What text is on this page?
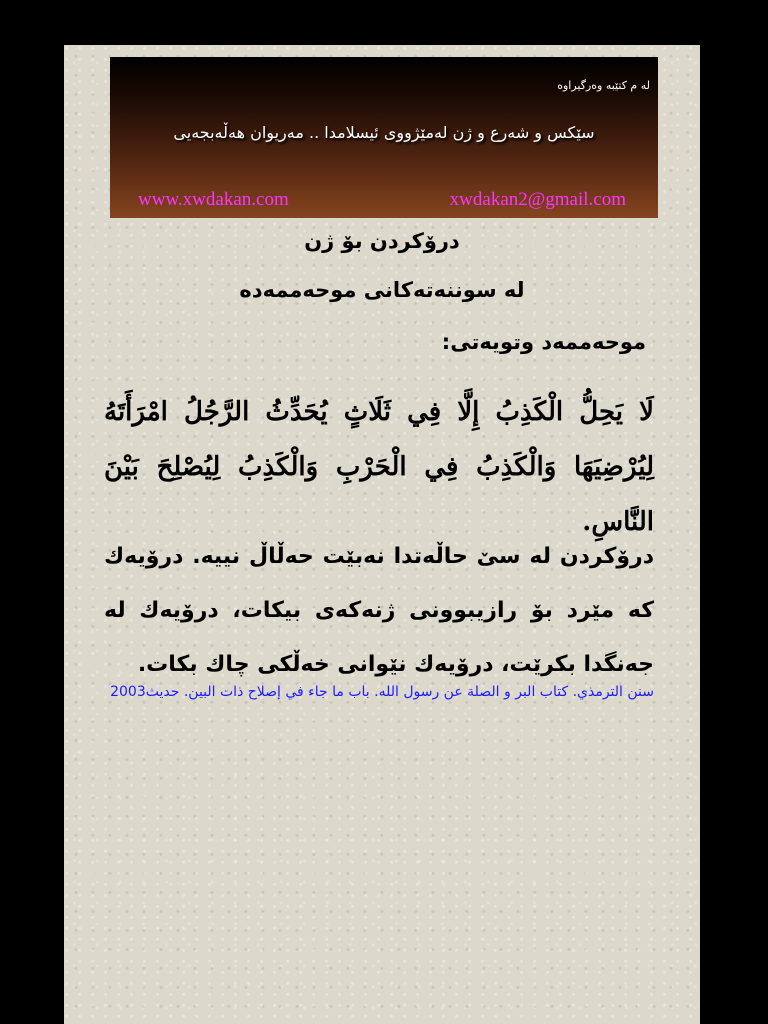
له م كتێبه وه‌رگیراوه
سێکس و شه‌رع و ژن له‌مێژووی ئیسلامدا .. مه‌ریوان هه‌ڵه‌بجه‌یی
www.xwdakan.com	xwdakan2@gmail.com
درۆكردن بۆ ژن
له سوننه‌ته‌كانی موحه‌ممه‌ده‌
موحه‌ممه‌د وتویه‌تی:
لَا يَحِلُّ الْكَذِبُ إِلَّا فِي ثَلَاثٍ يُحَدِّثُ الرَّجُلُ امْرَأَتَهُ لِيُرْضِيَهَا وَالْكَذِبُ فِي الْحَرْبِ وَالْكَذِبُ لِيُصْلِحَ بَيْنَ النَّاسِ.
درۆكردن له سێ حاڵه‌تدا نه‌بێت حه‌ڵاڵ نییه. درۆیه‌ك كه مێرد بۆ رازیبوونی ژنه‌كه‌ی بیكات، درۆیه‌ك له جه‌نگدا بكرێت، درۆیه‌ك نێوانی خه‌ڵكی چاك بكات.
سنن الترمذي. كتاب البر و الصلة عن رسول الله. باب ما جاء في إصلاح ذات البين. حديث2003
